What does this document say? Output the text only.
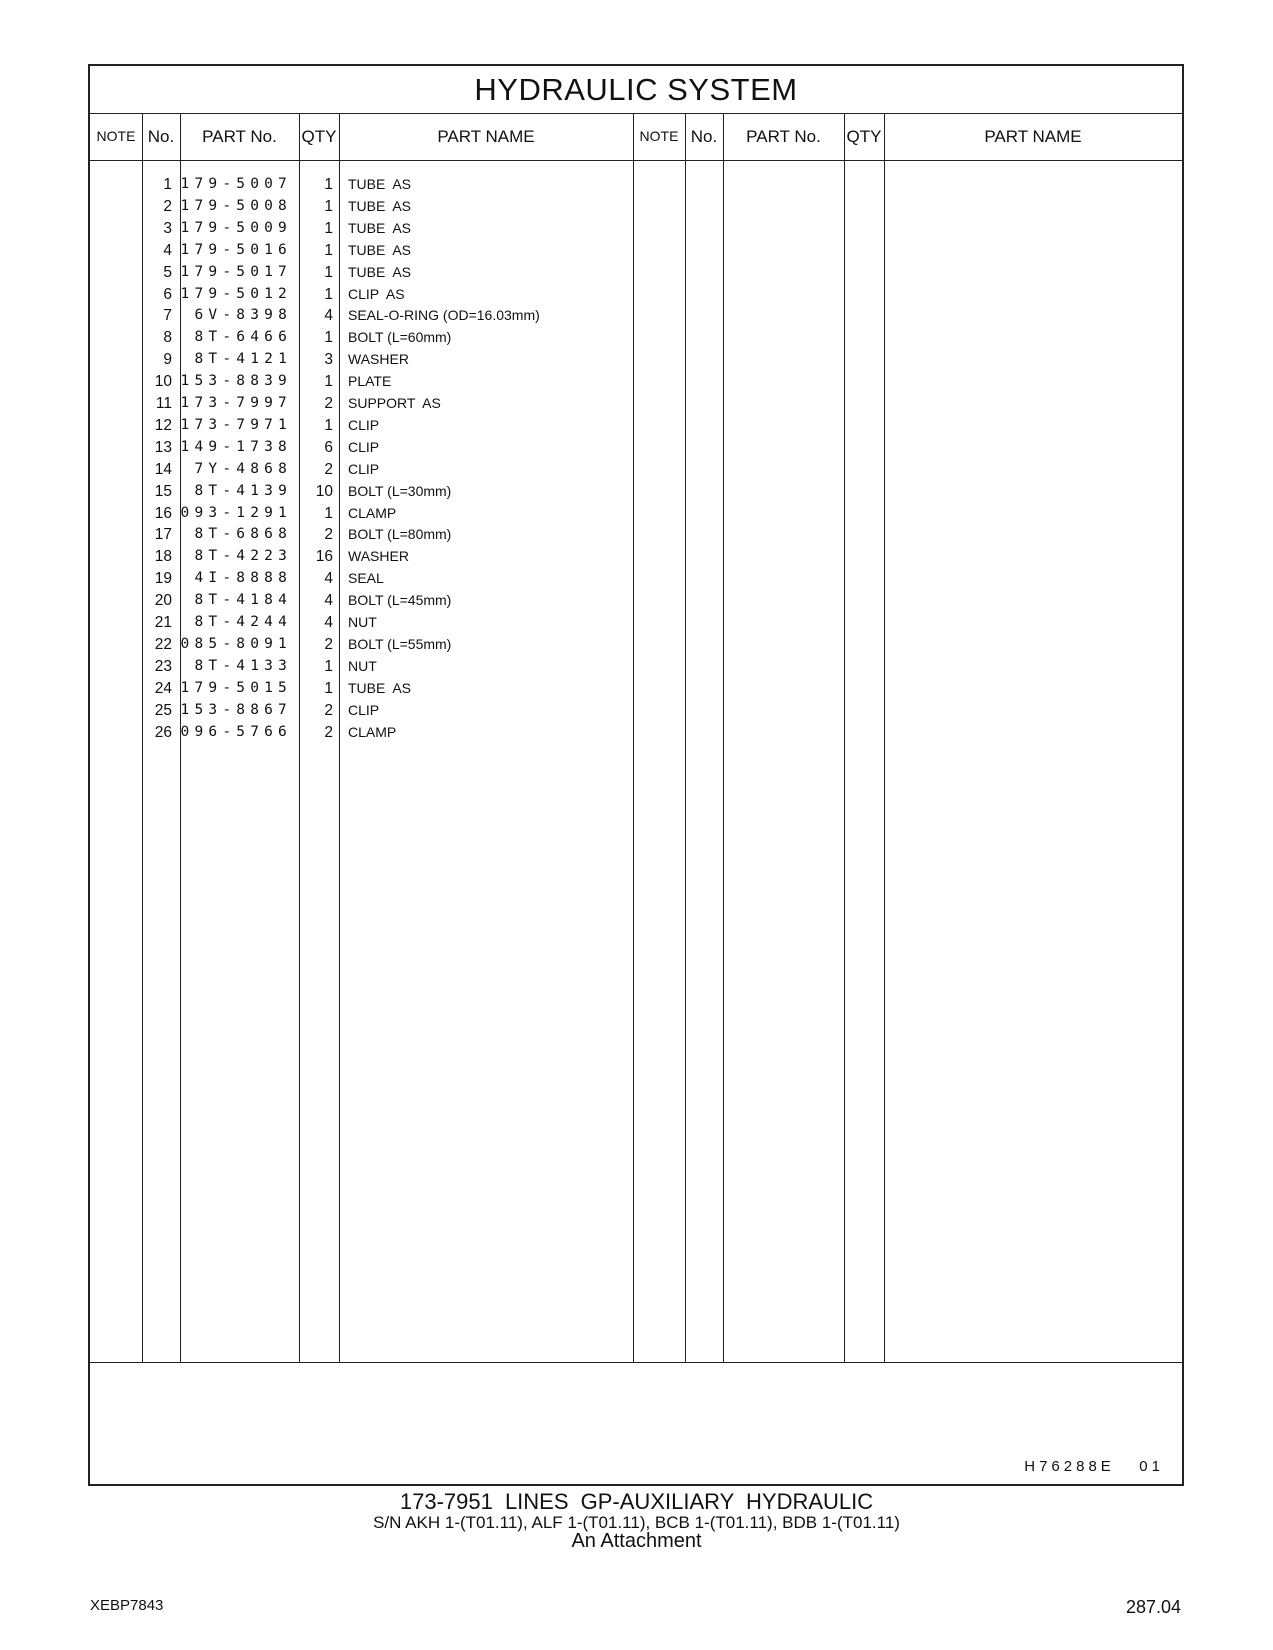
HYDRAULIC SYSTEM
NOTE No.	PART No.	QTY	PART NAME	NOTE No.	PART No.	QTY	PART NAME
1 179-5007	1 TUBE  AS
2 179-5008	1 TUBE  AS
3 179-5009	1 TUBE  AS
4 179-5016	1 TUBE  AS
5 179-5017	1 TUBE  AS
6 179-5012	1 CLIP  AS
7	6V-8398	4 SEAL-O-RING (OD=16.03mm)
8	8T-6466	1 BOLT (L=60mm)
9	8T-4121	3 WASHER
10 153-8839	1 PLATE
11 173-7997	2 SUPPORT  AS
12 173-7971	1 CLIP
13 149-1738	6 CLIP
14	7Y-4868	2 CLIP
15	8T-4139	10 BOLT (L=30mm)
16 093-1291	1 CLAMP
17	8T-6868	2 BOLT (L=80mm)
18	8T-4223	16 WASHER
19	4I-8888	4 SEAL
20	8T-4184	4 BOLT (L=45mm)
21	8T-4244	4 NUT
22 085-8091	2 BOLT (L=55mm)
23	8T-4133	1 NUT
24 179-5015	1 TUBE  AS
25 153-8867	2 CLIP
26 096-5766	2 CLAMP
H76288E   01
173-7951 LINES GP-AUXILIARY HYDRAULIC
S/N AKH 1-(T01.11), ALF 1-(T01.11), BCB 1-(T01.11), BDB 1-(T01.11)
An Attachment
XEBP7843	287.04
